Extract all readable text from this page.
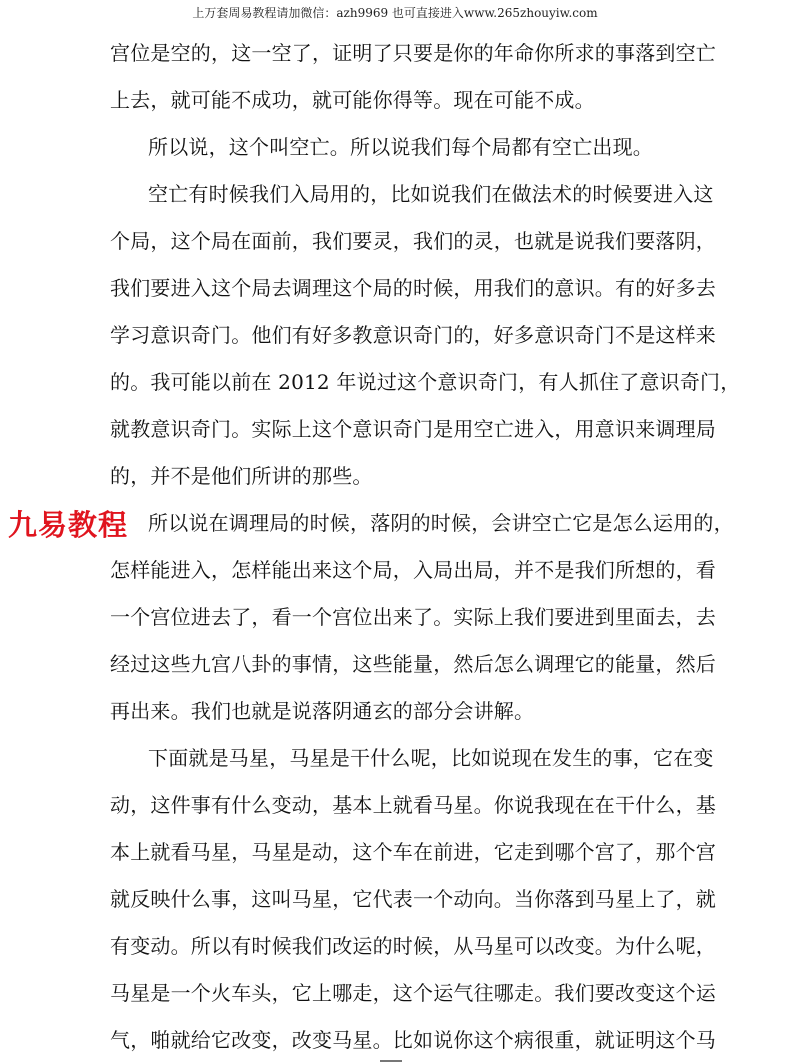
上万套周易教程请加微信：azh9969 也可直接进入www.265zhouyiw.com
宫位是空的，这一空了，证明了只要是你的年命你所求的事落到空亡
上去，就可能不成功，就可能你得等。现在可能不成。
所以说，这个叫空亡。所以说我们每个局都有空亡出现。
空亡有时候我们入局用的，比如说我们在做法术的时候要进入这
个局，这个局在面前，我们要灵，我们的灵，也就是说我们要落阴，
我们要进入这个局去调理这个局的时候，用我们的意识。有的好多去
学习意识奇门。他们有好多教意识奇门的，好多意识奇门不是这样来
的。我可能以前在 2012 年说过这个意识奇门，有人抓住了意识奇门，
就教意识奇门。实际上这个意识奇门是用空亡进入，用意识来调理局
的，并不是他们所讲的那些。
所以说在调理局的时候，落阴的时候，会讲空亡它是怎么运用的，
怎样能进入，怎样能出来这个局，入局出局，并不是我们所想的，看
一个宫位进去了，看一个宫位出来了。实际上我们要进到里面去，去
经过这些九宫八卦的事情，这些能量，然后怎么调理它的能量，然后
再出来。我们也就是说落阴通玄的部分会讲解。
下面就是马星，马星是干什么呢，比如说现在发生的事，它在变
动，这件事有什么变动，基本上就看马星。你说我现在在干什么，基
本上就看马星，马星是动，这个车在前进，它走到哪个宫了，那个宫
就反映什么事，这叫马星，它代表一个动向。当你落到马星上了，就
有变动。所以有时候我们改运的时候，从马星可以改变。为什么呢，
马星是一个火车头，它上哪走，这个运气往哪走。我们要改变这个运
气，啪就给它改变，改变马星。比如说你这个病很重，就证明这个马
九易教程
